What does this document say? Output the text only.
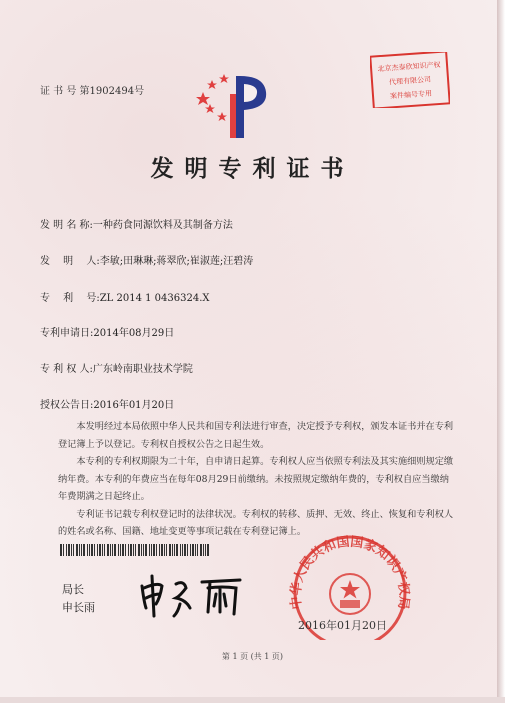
证 书 号 第1902494号
北京杰泰欣知识产权
代理有限公司
案件编号专用
发明专利证书
发 明 名 称:一种药食同源饮料及其制备方法
发　 明　 人:李敏;田琳琳;蒋翠欣;崔淑莲;汪碧涛
专　 利　 号:ZL 2014 1 0436324.X
专利申请日:2014年08月29日
专 利 权 人:广东岭南职业技术学院
授权公告日:2016年01月20日

本发明经过本局依照中华人民共和国专利法进行审查，决定授予专利权，颁发本证书并在专利登记簿上予以登记。专利权自授权公告之日起生效。

本专利的专利权期限为二十年，自申请日起算。专利权人应当依照专利法及其实施细则规定缴纳年费。本专利的年费应当在每年08月29日前缴纳。未按照规定缴纳年费的，专利权自应当缴纳年费期满之日起终止。

专利证书记载专利权登记时的法律状况。专利权的转移、质押、无效、终止、恢复和专利权人的姓名或名称、国籍、地址变更等事项记载在专利登记簿上。

局长
申长雨	中华人民共和国国家知识产权局
2016年01月20日
第 1 页 (共 1 页)
